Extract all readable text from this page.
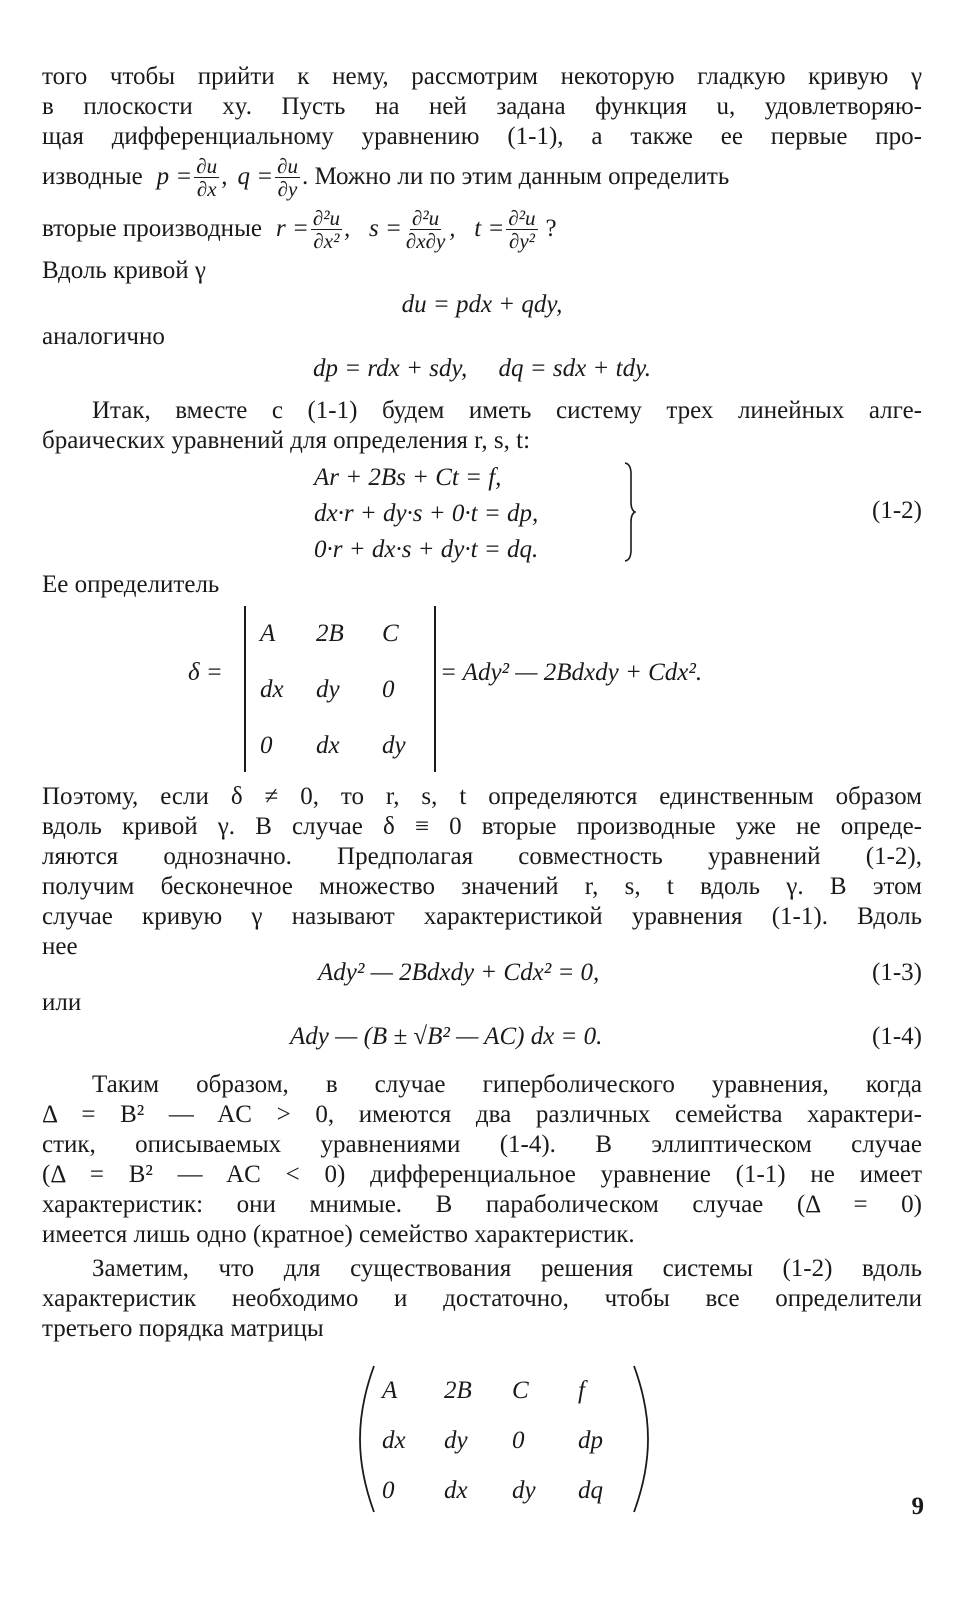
того чтобы прийти к нему, рассмотрим некоторую гладкую кривую γ

в плоскости xy. Пусть на ней задана функция u, удовлетворяю-

щая дифференциальному уравнению (1-1), а также ее первые про-

изводные $p = \frac{\partial u}{\partial x}$ , $q = \frac{\partial u}{\partial y}$ . Можно ли по этим данным определить
вторые производные $r = \frac{\text{∂²u}}{\text{∂x²}}$ ,   $s = \frac{\text{∂²u}}{\partial x\partial y}$ ,   $t = \frac{\text{∂²u}}{\text{∂y²}}$ ?

Вдоль кривой γ

du = pdx + qdy,

аналогично

dp = rdx + sdy,     dq = sdx + tdy.

Итак, вместе с (1-1) будем иметь систему трех линейных алге-

браических уравнений для определения r, s, t:

Ar + 2Bs + Ct = f,
dx·r + dy·s + 0·t = dp,
0·r + dx·s + dy·t = dq.
(1-2)

Ее определитель

δ =
A	2B	C
dx	dy	0
0	dx	dy
= Ady² — 2Bdxdy + Cdx².

Поэтому, если δ ≠ 0, то r, s, t определяются единственным образом

вдоль кривой γ. В случае δ ≡ 0 вторые производные уже не опреде-

ляются однозначно. Предполагая совместность уравнений (1-2),

получим бесконечное множество значений r, s, t вдоль γ. В этом

случае кривую γ называют характеристикой уравнения (1-1). Вдоль

нее

Ady² — 2Bdxdy + Cdx² = 0,	(1-3)

или

Ady — (B ± √B² — AC) dx = 0.	(1-4)

Таким образом, в случае гиперболического уравнения, когда

Δ = B² — AC > 0, имеются два различных семейства характери-

стик, описываемых уравнениями (1-4). В эллиптическом случае

(Δ = B² — AC < 0) дифференциальное уравнение (1-1) не имеет

характеристик: они мнимые. В параболическом случае (Δ = 0)

имеется лишь одно (кратное) семейство характеристик.

Заметим, что для существования решения системы (1-2) вдоль

характеристик необходимо и достаточно, чтобы все определители

третьего порядка матрицы

A	2B	C	f
dx	dy	0	dp
0	dx	dy	dq
9
